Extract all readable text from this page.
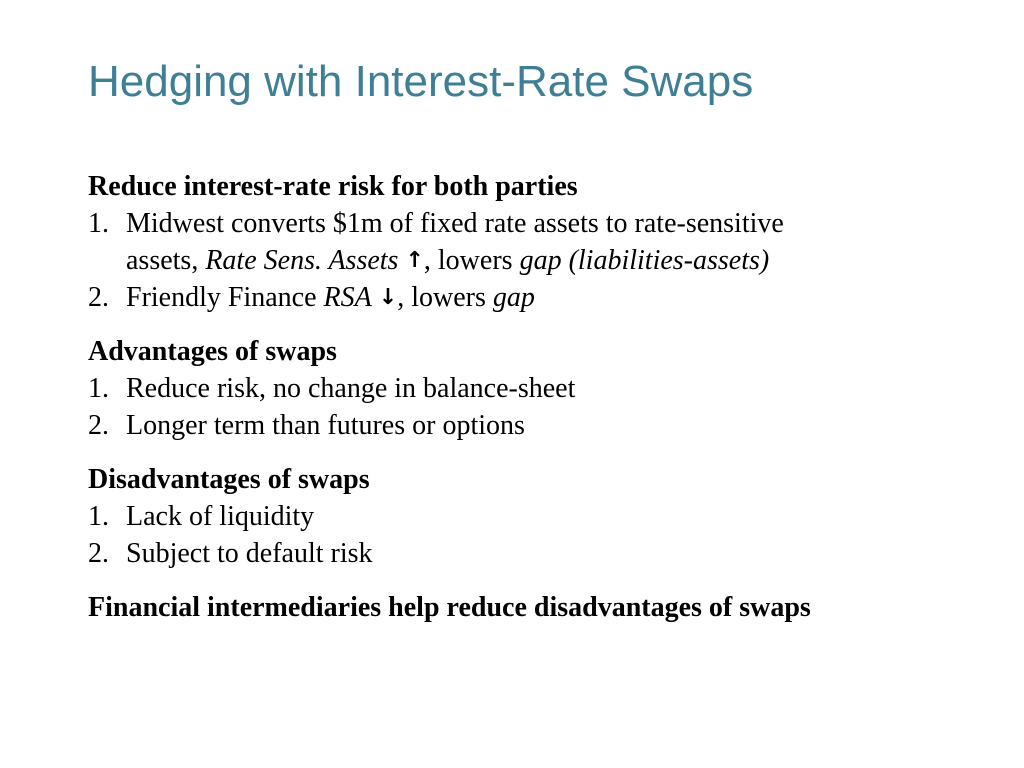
Hedging with Interest-Rate Swaps
Reduce interest-rate risk for both parties
1. Midwest converts $1m of fixed rate assets to rate-sensitive
assets, Rate Sens. Assets ↑, lowers gap (liabilities-assets)
2. Friendly Finance RSA ↓, lowers gap
Advantages of swaps
1. Reduce risk, no change in balance-sheet
2. Longer term than futures or options
Disadvantages of swaps
1. Lack of liquidity
2. Subject to default risk
Financial intermediaries help reduce disadvantages of swaps
